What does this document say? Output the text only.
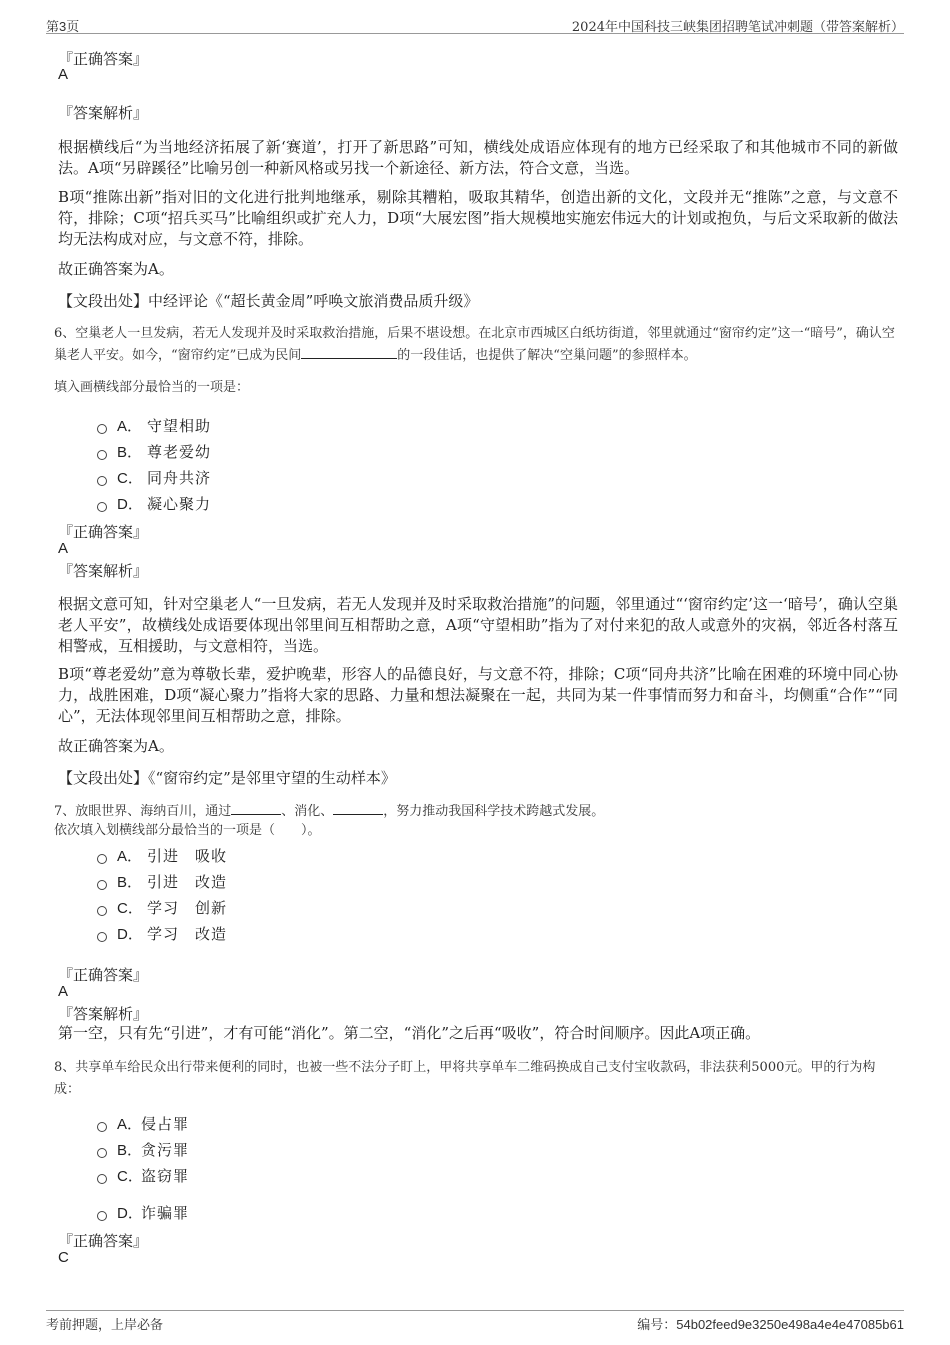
第3页	2024年中国科技三峡集团招聘笔试冲刺题（带答案解析）
『正确答案』
A
『答案解析』
根据横线后“为当地经济拓展了新‘赛道’，打开了新思路”可知，横线处成语应体现有的地方已经采取了和其他城市不同的新做法。A项“另辟蹊径”比喻另创一种新风格或另找一个新途径、新方法，符合文意，当选。
B项“推陈出新”指对旧的文化进行批判地继承，剔除其糟粕，吸取其精华，创造出新的文化，文段并无“推陈”之意，与文意不符，排除；C项“招兵买马”比喻组织或扩充人力，D项“大展宏图”指大规模地实施宏伟远大的计划或抱负，与后文采取新的做法均无法构成对应，与文意不符，排除。
故正确答案为A。
【文段出处】中经评论《“超长黄金周”呼唤文旅消费品质升级》
6、空巢老人一旦发病，若无人发现并及时采取救治措施，后果不堪设想。在北京市西城区白纸坊街道，邻里就通过“窗帘约定”这一“暗号”，确认空巢老人平安。如今，“窗帘约定”已成为民间	的一段佳话，也提供了解决“空巢问题”的参照样本。
填入画横线部分最恰当的一项是：
A． 守望相助
B． 尊老爱幼
C． 同舟共济
D． 凝心聚力
『正确答案』
A
『答案解析』
根据文意可知，针对空巢老人“一旦发病，若无人发现并及时采取救治措施”的问题，邻里通过“‘窗帘约定’这一‘暗号’，确认空巢老人平安”，故横线处成语要体现出邻里间互相帮助之意，A项“守望相助”指为了对付来犯的敌人或意外的灾祸，邻近各村落互相警戒，互相援助，与文意相符，当选。
B项“尊老爱幼”意为尊敬长辈，爱护晚辈，形容人的品德良好，与文意不符，排除；C项“同舟共济”比喻在困难的环境中同心协力，战胜困难，D项“凝心聚力”指将大家的思路、力量和想法凝聚在一起，共同为某一件事情而努力和奋斗，均侧重“合作”“同心”，无法体现邻里间互相帮助之意，排除。
故正确答案为A。
【文段出处】《“窗帘约定”是邻里守望的生动样本》
7、放眼世界、海纳百川，通过	、消化、	，努力推动我国科学技术跨越式发展。
依次填入划横线部分最恰当的一项是（　　）。
A． 引进　吸收
B． 引进　改造
C． 学习　创新
D． 学习　改造
『正确答案』
A
『答案解析』
第一空，只有先“引进”，才有可能“消化”。第二空，“消化”之后再“吸收”，符合时间顺序。因此A项正确。
8、共享单车给民众出行带来便利的同时，也被一些不法分子盯上，甲将共享单车二维码换成自己支付宝收款码，非法获利5000元。甲的行为构成：
A．
侵占罪
B．
贪污罪
C．
盗窃罪
D．
诈骗罪
『正确答案』
C
考前押题，上岸必备	编号：54b02feed9e3250e498a4e4e47085b61
